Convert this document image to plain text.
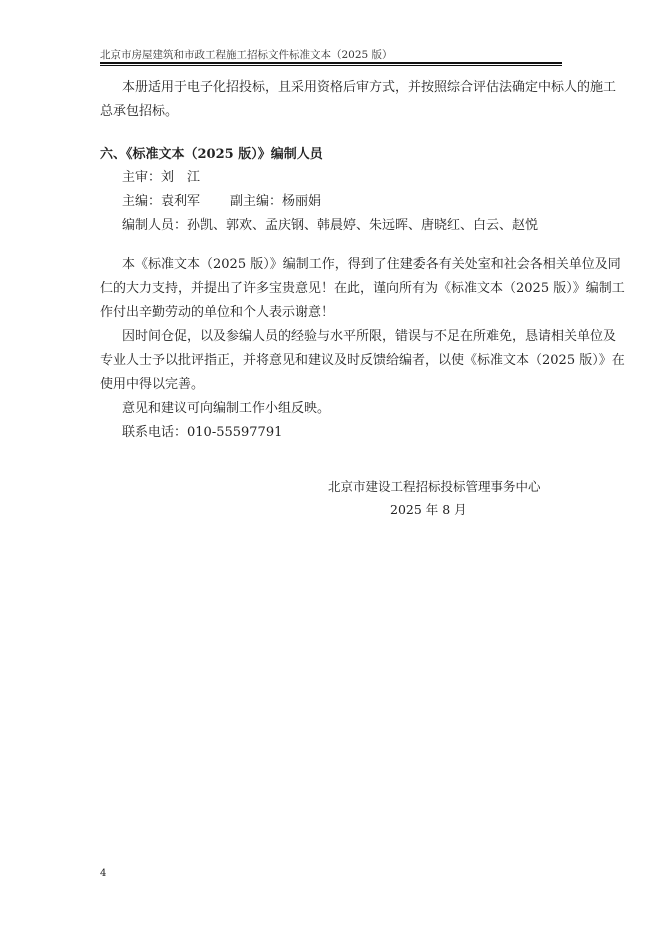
北京市房屋建筑和市政工程施工招标文件标准文本（2025 版）
本册适用于电子化招投标，且采用资格后审方式，并按照综合评估法确定中标人的施工
总承包招标。
六、《标准文本（2025 版）》编制人员
主审：刘　江
主编：袁利军 副主编：杨丽娟
编制人员：孙凯、郭欢、孟庆钢、韩晨婷、朱远晖、唐晓红、白云、赵悦
本《标准文本（2025 版）》编制工作，得到了住建委各有关处室和社会各相关单位及同
仁的大力支持，并提出了许多宝贵意见！在此，谨向所有为《标准文本（2025 版）》编制工
作付出辛勤劳动的单位和个人表示谢意！
因时间仓促，以及参编人员的经验与水平所限，错误与不足在所难免，恳请相关单位及
专业人士予以批评指正，并将意见和建议及时反馈给编者，以使《标准文本（2025 版）》在
使用中得以完善。
意见和建议可向编制工作小组反映。
联系电话：010-55597791
北京市建设工程招标投标管理事务中心
2025 年 8 月
4
